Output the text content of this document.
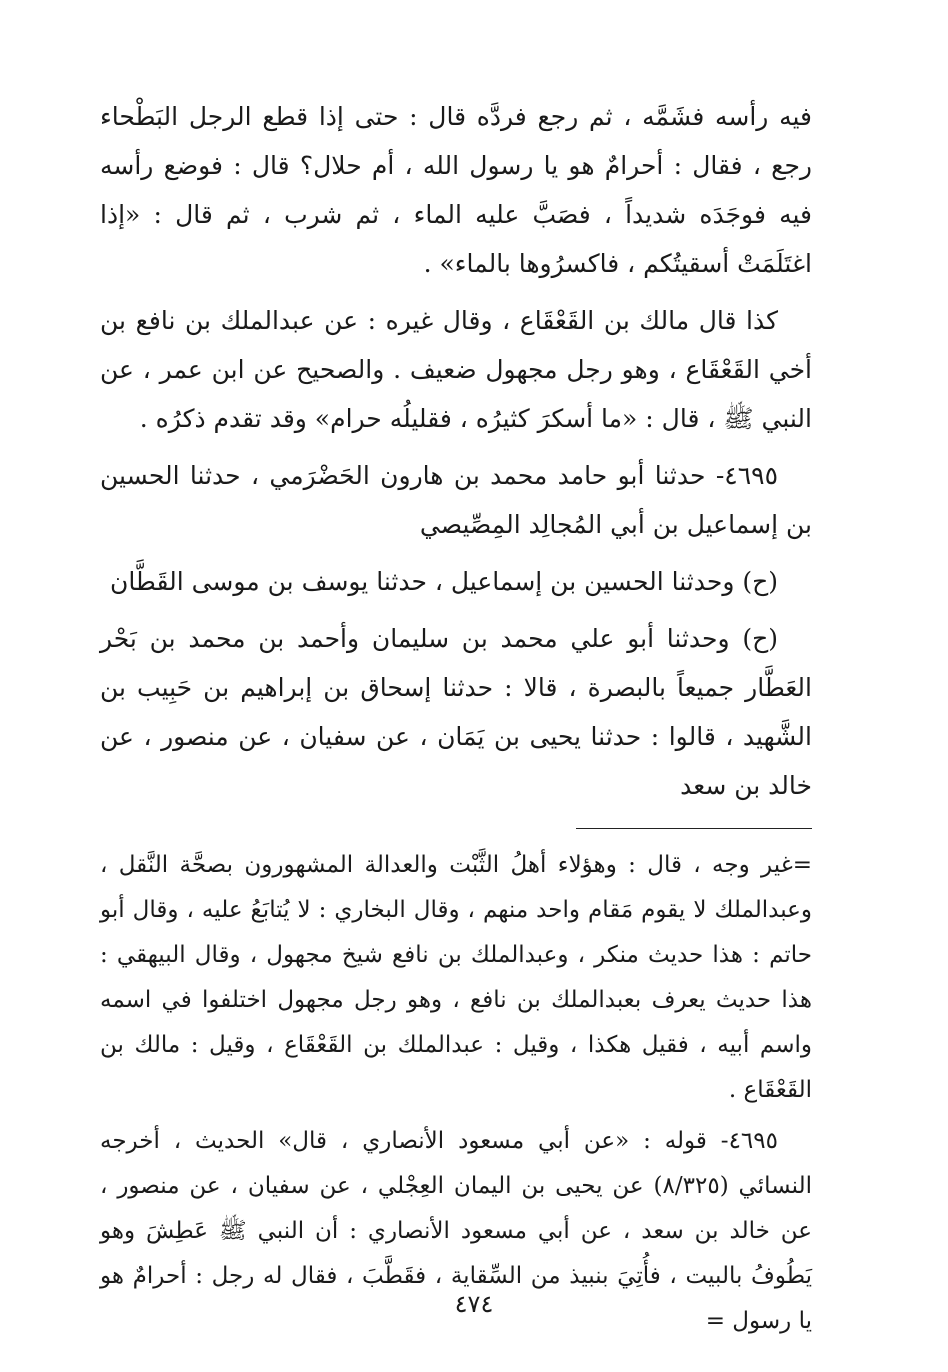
فيه رأسه فشَمَّه ، ثم رجع فردَّه قال : حتى إذا قطع الرجل البَطْحاء رجع ، فقال : أحرامٌ هو يا رسول الله ، أم حلال؟ قال : فوضع رأسه فيه فوجَدَه شديداً ، فصَبَّ عليه الماء ، ثم شرب ، ثم قال : «إذا اغتَلَمَتْ أسقيتُكم ، فاكسرُوها بالماء» .

كذا قال مالك بن القَعْقَاع ، وقال غيره : عن عبدالملك بن نافع بن أخي القَعْقَاع ، وهو رجل مجهول ضعيف . والصحيح عن ابن عمر ، عن النبي ﷺ ، قال : «ما أسكرَ كثيرُه ، فقليلُه حرام» وقد تقدم ذكرُه .

٤٦٩٥- حدثنا أبو حامد محمد بن هارون الحَضْرَمي ، حدثنا الحسين بن إسماعيل بن أبي المُجالِد المِصِّيصي

(ح) وحدثنا الحسين بن إسماعيل ، حدثنا يوسف بن موسى القَطَّان

(ح) وحدثنا أبو علي محمد بن سليمان وأحمد بن محمد بن بَحْر العَطَّار جميعاً بالبصرة ، قالا : حدثنا إسحاق بن إبراهيم بن حَبِيب بن الشَّهيد ، قالوا : حدثنا يحيى بن يَمَان ، عن سفيان ، عن منصور ، عن خالد بن سعد

=غير وجه ، قال : وهؤلاء أهلُ الثَّبْت والعدالة المشهورون بصحَّة النَّقل ، وعبدالملك لا يقوم مَقام واحد منهم ، وقال البخاري : لا يُتابَعُ عليه ، وقال أبو حاتم : هذا حديث منكر ، وعبدالملك بن نافع شيخ مجهول ، وقال البيهقي : هذا حديث يعرف بعبدالملك بن نافع ، وهو رجل مجهول اختلفوا في اسمه واسم أبيه ، فقيل هكذا ، وقيل : عبدالملك بن القَعْقَاع ، وقيل : مالك بن القَعْقَاع .

٤٦٩٥- قوله : «عن أبي مسعود الأنصاري ، قال» الحديث ، أخرجه النسائي (٨/٣٢٥) عن يحيى بن اليمان العِجْلي ، عن سفيان ، عن منصور ، عن خالد بن سعد ، عن أبي مسعود الأنصاري : أن النبي ﷺ عَطِشَ وهو يَطُوفُ بالبيت ، فأُتِيَ بنبيذ من السِّقاية ، فقَطَّبَ ، فقال له رجل : أحرامٌ هو يا رسول =

٤٧٤
